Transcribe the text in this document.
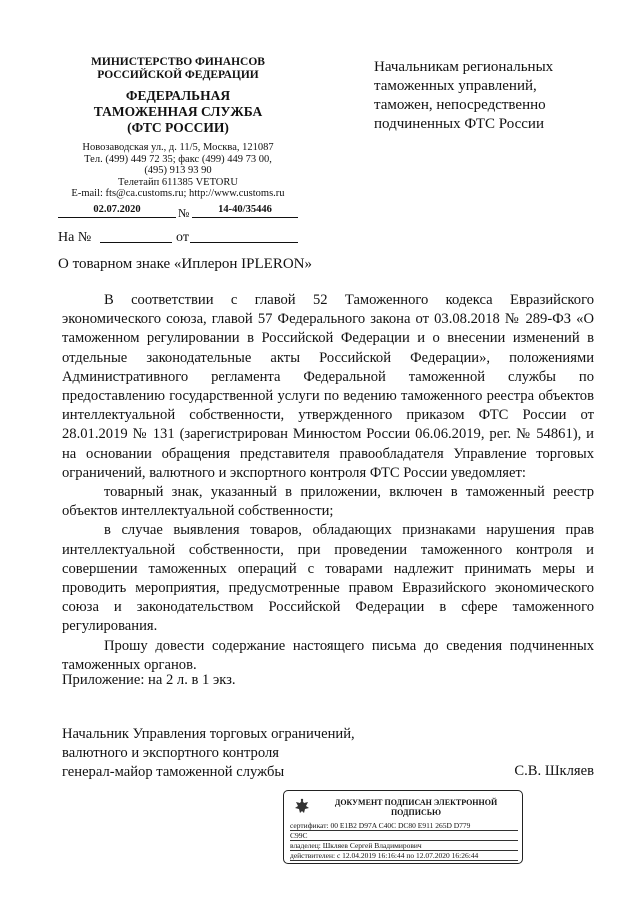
МИНИСТЕРСТВО ФИНАНСОВ
РОССИЙСКОЙ ФЕДЕРАЦИИ
ФЕДЕРАЛЬНАЯ
ТАМОЖЕННАЯ СЛУЖБА
(ФТС РОССИИ)
Новозаводская ул., д. 11/5, Москва, 121087
Тел. (499) 449 72 35; факс (499) 449 73 00,
(495) 913 93 90
Телетайп 611385 VETORU
E-mail: fts@ca.customs.ru; http://www.customs.ru
02.07.2020	№	14-40/35446
На №	от
Начальникам региональных
таможенных управлений,
таможен, непосредственно
подчиненных ФТС России
О товарном знаке «Иплерон IPLERON»

В соответствии с главой 52 Таможенного кодекса Евразийского экономического союза, главой 57 Федерального закона от 03.08.2018 № 289-ФЗ «О таможенном регулировании в Российской Федерации и о внесении изменений в отдельные законодательные акты Российской Федерации», положениями Административного регламента Федеральной таможенной службы по предоставлению государственной услуги по ведению таможенного реестра объектов интеллектуальной собственности, утвержденного приказом ФТС России от 28.01.2019 № 131 (зарегистрирован Минюстом России 06.06.2019, рег. № 54861), и на основании обращения представителя правообладателя Управление торговых ограничений, валютного и экспортного контроля ФТС России уведомляет:

товарный знак, указанный в приложении, включен в таможенный реестр объектов интеллектуальной собственности;

в случае выявления товаров, обладающих признаками нарушения прав интеллектуальной собственности, при проведении таможенного контроля и совершении таможенных операций с товарами надлежит принимать меры и проводить мероприятия, предусмотренные правом Евразийского экономического союза и законодательством Российской Федерации в сфере таможенного регулирования.

Прошу довести содержание настоящего письма до сведения подчиненных таможенных органов.

Приложение: на 2 л. в 1 экз.
Начальник Управления торговых ограничений,
валютного и экспортного контроля
генерал-майор таможенной службы	С.В. Шкляев
ДОКУМЕНТ ПОДПИСАН ЭЛЕКТРОННОЙ
ПОДПИСЬЮ
сертификат: 00 E1B2 D97A C40C DC80 E911 265D D779
C99C
владелец: Шкляев Сергей Владимирович
действителен: с 12.04.2019 16:16:44 по 12.07.2020 16:26:44
